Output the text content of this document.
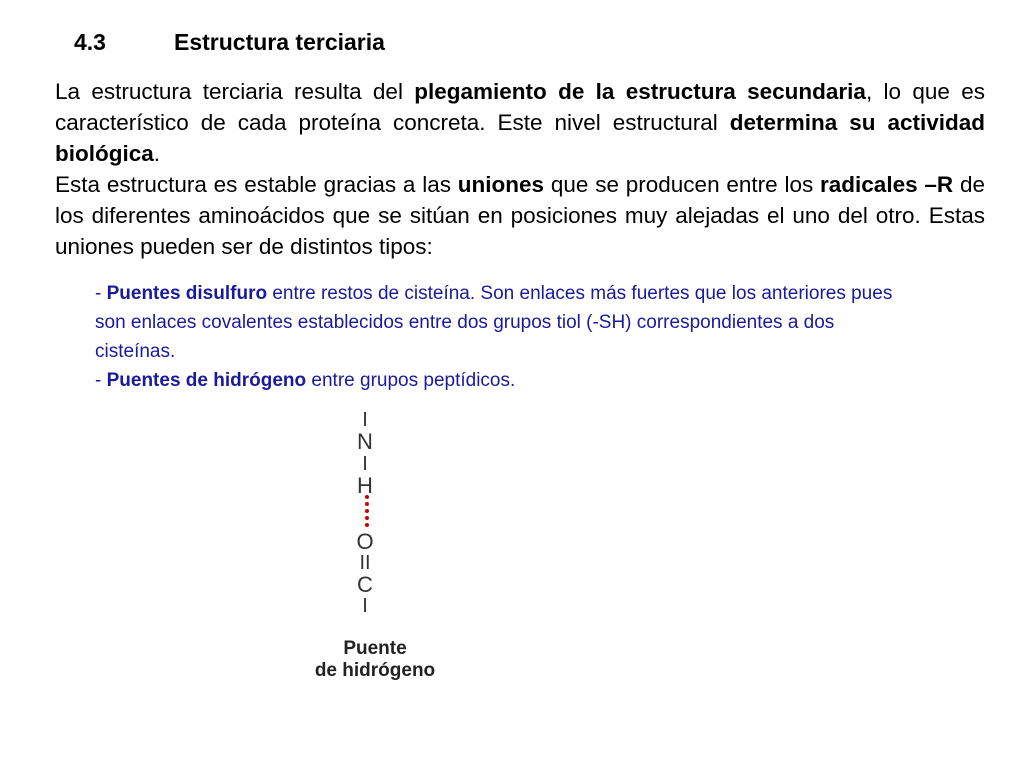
4.3	Estructura terciaria

La estructura terciaria resulta del plegamiento de la estructura secundaria, lo que es característico de cada proteína concreta. Este nivel estructural determina su actividad biológica.

Esta estructura es estable gracias a las uniones que se producen entre los radicales –R de los diferentes aminoácidos que se sitúan en posiciones muy alejadas el uno del otro. Estas uniones pueden ser de distintos tipos:

- Puentes disulfuro entre restos de cisteína. Son enlaces más fuertes que los anteriores pues son enlaces covalentes establecidos entre dos grupos tiol (-SH) correspondientes a dos cisteínas.

- Puentes de hidrógeno entre grupos peptídicos.

I
N
I
H
O
II
C
I
Puente
de hidrógeno
